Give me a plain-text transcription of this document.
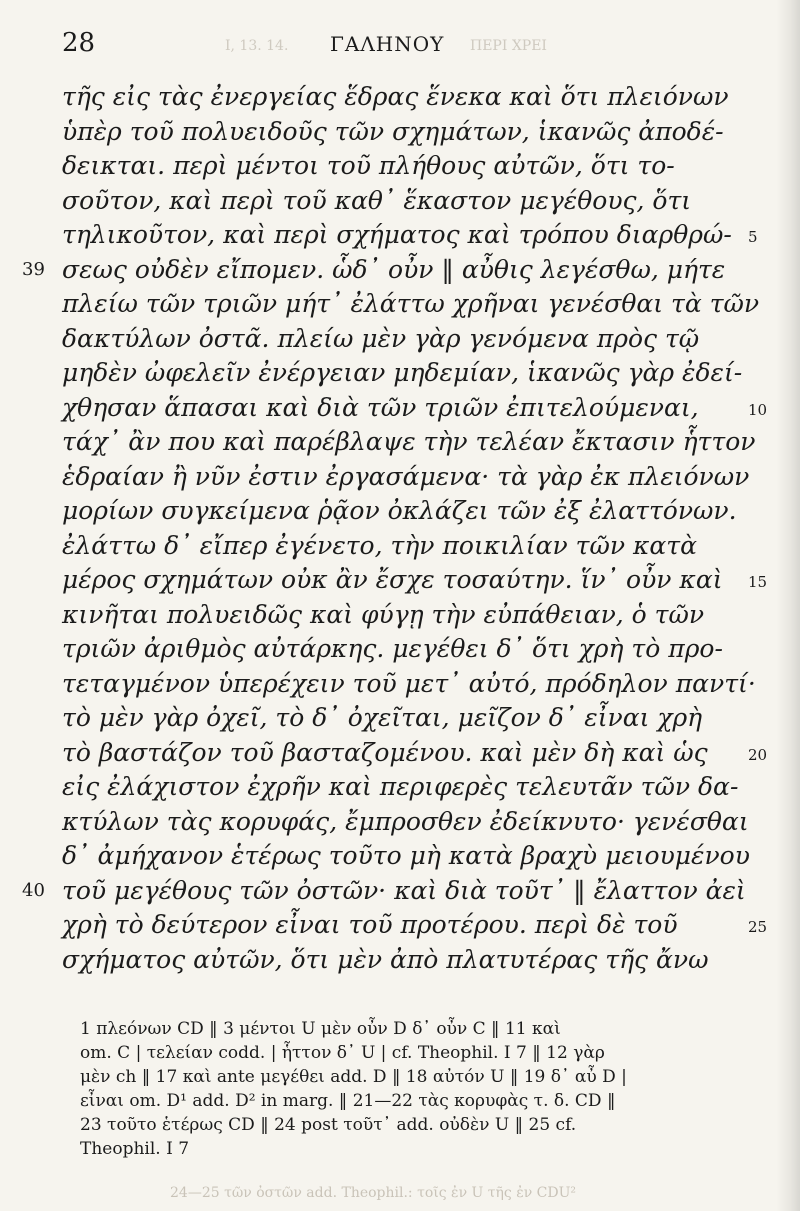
28	I, 13. 14. ΓΑΛΗΝΟΥ ΠΕΡΙ ΧΡΕΙ
τῆς εἰς τὰς ἐνεργείας ἕδρας ἕνεκα καὶ ὅτι πλειόνων
ὑπὲρ τοῦ πολυειδοῦς τῶν σχημάτων, ἱκανῶς ἀποδέ-
δεικται. περὶ μέντοι τοῦ πλήθους αὐτῶν, ὅτι το-
σοῦτον, καὶ περὶ τοῦ καθ᾽ ἕκαστον μεγέθους, ὅτι
τηλικοῦτον, καὶ περὶ σχήματος καὶ τρόπου διαρθρώ- 5
39 σεως οὐδὲν εἴπομεν. ὧδ᾽ οὖν ‖ αὖθις λεγέσθω, μήτε
πλείω τῶν τριῶν μήτ᾽ ἐλάττω χρῆναι γενέσθαι τὰ τῶν
δακτύλων ὀστᾶ. πλείω μὲν γὰρ γενόμενα πρὸς τῷ
μηδὲν ὠφελεῖν ἐνέργειαν μηδεμίαν, ἱκανῶς γὰρ ἐδεί-
χθησαν ἅπασαι καὶ διὰ τῶν τριῶν ἐπιτελούμεναι,	10
τάχ᾽ ἂν που καὶ παρέβλαψε τὴν τελέαν ἔκτασιν ἧττον
ἑδραίαν ἢ νῦν ἐστιν ἐργασάμενα· τὰ γὰρ ἐκ πλειόνων
μορίων συγκείμενα ῥᾷον ὀκλάζει τῶν ἐξ ἐλαττόνων.
ἐλάττω δ᾽ εἴπερ ἐγένετο, τὴν ποικιλίαν τῶν κατὰ
μέρος σχημάτων οὐκ ἂν ἔσχε τοσαύτην. ἵν᾽ οὖν καὶ 15
κινῆται πολυειδῶς καὶ φύγῃ τὴν εὐπάθειαν, ὁ τῶν
τριῶν ἀριθμὸς αὐτάρκης. μεγέθει δ᾽ ὅτι χρὴ τὸ προ-
τεταγμένον ὑπερέχειν τοῦ μετ᾽ αὐτό, πρόδηλον παντί·
τὸ μὲν γὰρ ὀχεῖ, τὸ δ᾽ ὀχεῖται, μεῖζον δ᾽ εἶναι χρὴ
τὸ βαστάζον τοῦ βασταζομένου. καὶ μὲν δὴ καὶ ὡς	20
εἰς ἐλάχιστον ἐχρῆν καὶ περιφερὲς τελευτᾶν τῶν δα-
κτύλων τὰς κορυφάς, ἔμπροσθεν ἐδείκνυτο· γενέσθαι
δ᾽ ἀμήχανον ἑτέρως τοῦτο μὴ κατὰ βραχὺ μειουμένου
40 τοῦ μεγέθους τῶν ὀστῶν· καὶ διὰ τοῦτ᾽ ‖ ἔλαττον ἀεὶ
χρὴ τὸ δεύτερον εἶναι τοῦ προτέρου. περὶ δὲ τοῦ	25
σχήματος αὐτῶν, ὅτι μὲν ἀπὸ πλατυτέρας τῆς ἄνω
1 πλεόνων CD ‖ 3 μέντοι U μὲν οὖν D δ᾽ οὖν C ‖ 11 καὶ
om. C | τελείαν codd. | ἧττον δ᾽ U | cf. Theophil. I 7 ‖ 12 γὰρ
μὲν ch ‖ 17 καὶ ante μεγέθει add. D ‖ 18 αὐτόν U ‖ 19 δ᾽ αὖ D |
εἶναι om. D¹ add. D² in marg. ‖ 21—22 τὰς κορυφὰς τ. δ. CD ‖
23 τοῦτο ἑτέρως CD ‖ 24 post τοῦτ᾽ add. οὐδὲν U ‖ 25 cf.
Theophil. I 7
24—25 τῶν ὀστῶν add. Theophil.: τοῖς ἐν U τῆς ἐν CDU²
